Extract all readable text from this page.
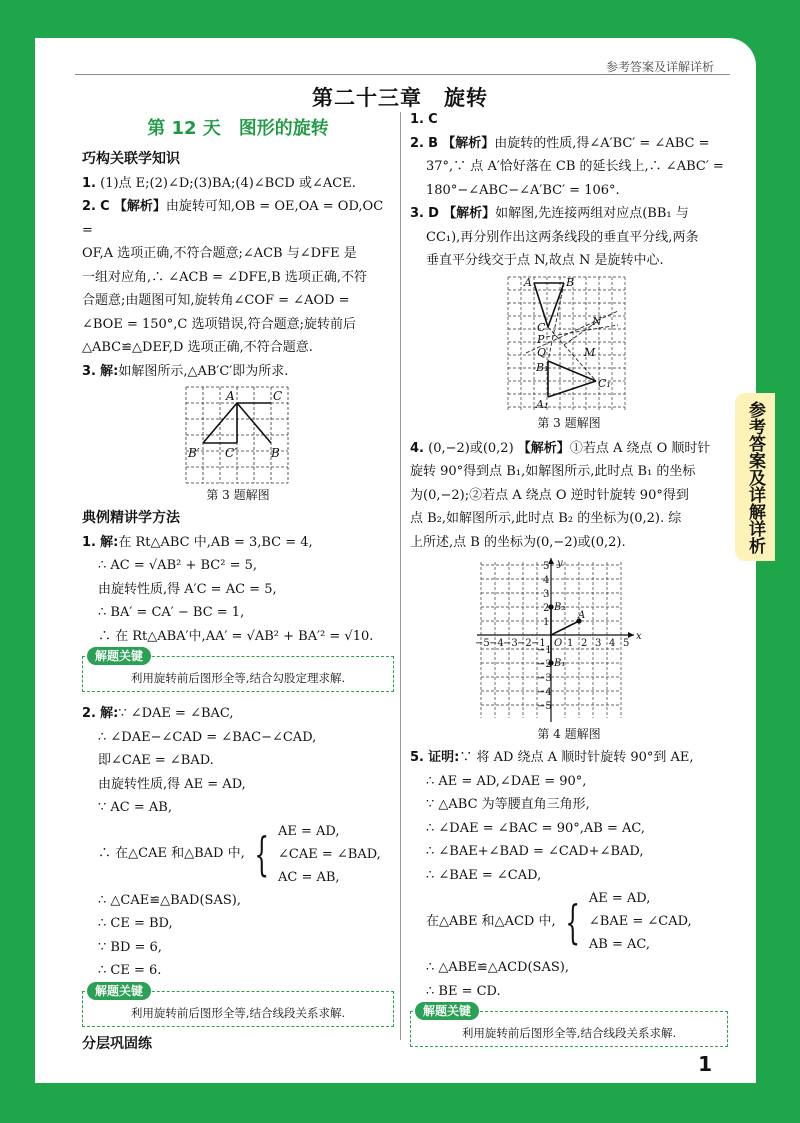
参考答案及详解详析
第二十三章　旋转
参考答案及详解详析

第 12 天　图形的旋转

巧构关联学知识

1. (1)点 E;(2)∠D;(3)BA;(4)∠BCD 或∠ACE.

2. C 【解析】由旋转可知,OB = OE,OA = OD,OC =

OF,A 选项正确,不符合题意;∠ACB 与∠DFE 是

一组对应角,∴ ∠ACB = ∠DFE,B 选项正确,不符

合题意;由题图可知,旋转角∠COF = ∠AOD =

∠BOE = 150°,C 选项错误,符合题意;旋转前后

△ABC≌△DEF,D 选项正确,不符合题意.

3. 解:如解图所示,△AB′C′即为所求.

A	C
B′ C′	B

第 3 题解图

典例精讲学方法

1. 解:在 Rt△ABC 中,AB = 3,BC = 4,

∴ AC = √AB² + BC² = 5,

由旋转性质,得 A′C = AC = 5,

∴ BA′ = CA′ − BC = 1,

∴ 在 Rt△ABA′中,AA′ = √AB² + BA′² = √10.

解题关键
利用旋转前后图形全等,结合勾股定理求解.

2. 解:∵ ∠DAE = ∠BAC,

∴ ∠DAE−∠CAD = ∠BAC−∠CAD,

即∠CAE = ∠BAD.

由旋转性质,得 AE = AD,

∵ AC = AB,

∴ 在△CAE 和△BAD 中, { AE = AD,
∠CAE = ∠BAD,
AC = AB,

∴ △CAE≌△BAD(SAS),

∴ CE = BD,

∵ BD = 6,

∴ CE = 6.

解题关键
利用旋转前后图形全等,结合线段关系求解.

分层巩固练

1. C

2. B 【解析】由旋转的性质,得∠A′BC′ = ∠ABC =

37°,∵ 点 A′恰好落在 CB 的延长线上,∴ ∠ABC′ =

180°−∠ABC−∠A′BC′ = 106°.

3. D 【解析】如解图,先连接两组对应点(BB₁ 与

CC₁),再分别作出这两条线段的垂直平分线,两条

垂直平分线交于点 N,故点 N 是旋转中心.

A	B
C
P
Q
N
M
B₁
C₁
A₁

第 3 题解图

4. (0,−2)或(0,2) 【解析】①若点 A 绕点 O 顺时针

旋转 90°得到点 B₁,如解图所示,此时点 B₁ 的坐标

为(0,−2);②若点 A 绕点 O 逆时针旋转 90°得到

点 B₂,如解图所示,此时点 B₂ 的坐标为(0,2). 综

上所述,点 B 的坐标为(0,−2)或(0,2).

y
x
O
A
B₁
B₂
−5 −4 −3 −2 −1 1 2 3 4 5
5
4
3
2
1
−1
−2
−3
−4
−5

第 4 题解图

5. 证明:∵ 将 AD 绕点 A 顺时针旋转 90°到 AE,

∴ AE = AD,∠DAE = 90°,

∵ △ABC 为等腰直角三角形,

∴ ∠DAE = ∠BAC = 90°,AB = AC,

∴ ∠BAE+∠BAD = ∠CAD+∠BAD,

∴ ∠BAE = ∠CAD,

在△ABE 和△ACD 中, { AE = AD,
∠BAE = ∠CAD,
AB = AC,

∴ △ABE≌△ACD(SAS),

∴ BE = CD.

解题关键
利用旋转前后图形全等,结合线段关系求解.
1
